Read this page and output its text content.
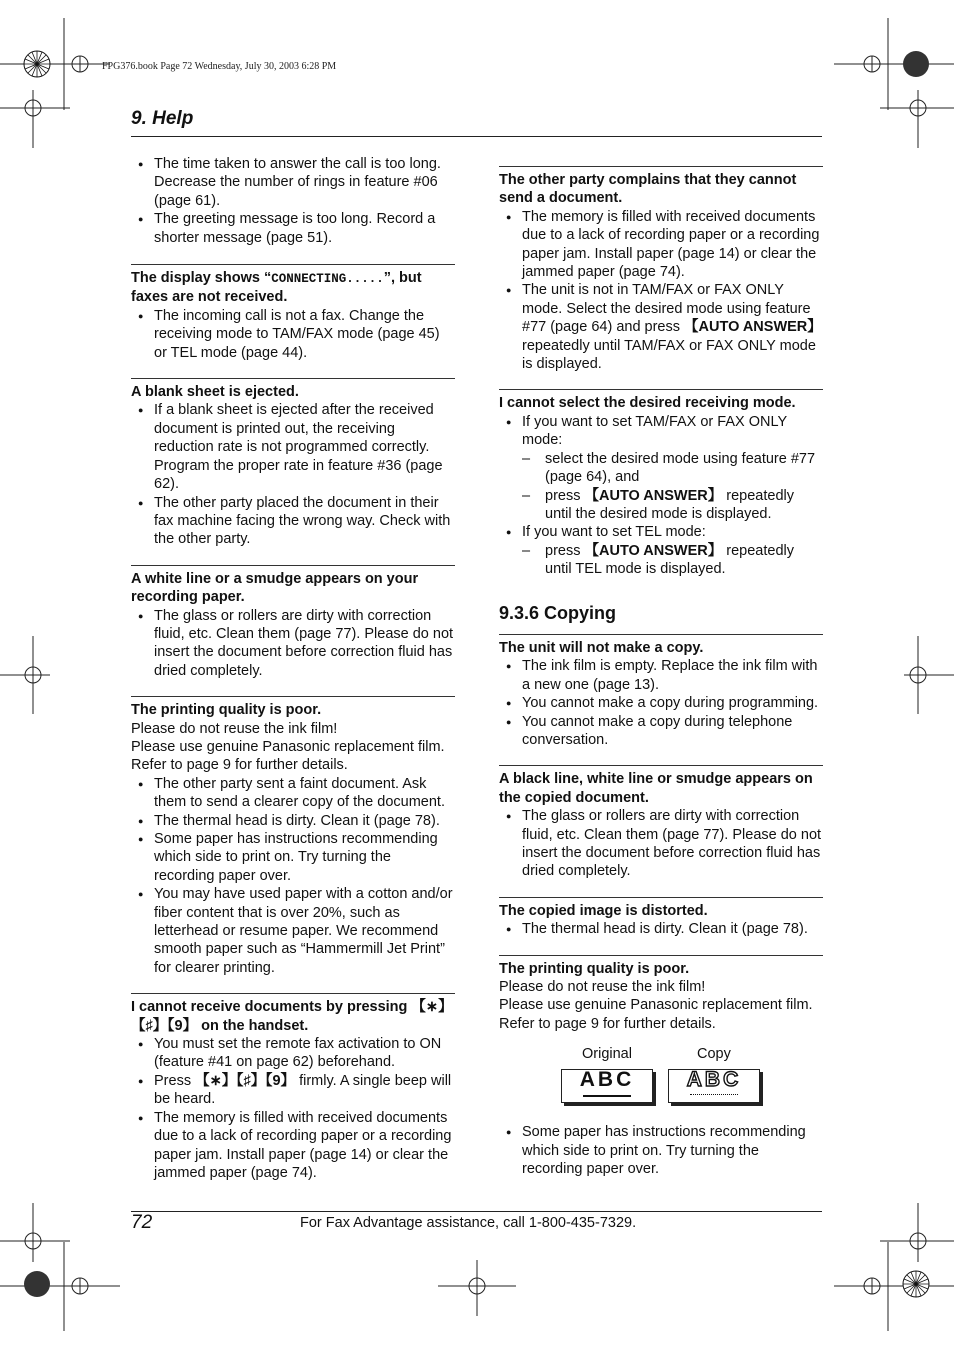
FPG376.book Page 72 Wednesday, July 30, 2003 6:28 PM
9. Help
● The time taken to answer the call is too long. Decrease the number of rings in feature #06 (page 61).
● The greeting message is too long. Record a shorter message (page 51).
The display shows “CONNECTING.....”, but faxes are not received.
● The incoming call is not a fax. Change the receiving mode to TAM/FAX mode (page 45) or TEL mode (page 44).
A blank sheet is ejected.
● If a blank sheet is ejected after the received document is printed out, the receiving reduction rate is not programmed correctly. Program the proper rate in feature #36 (page 62).
● The other party placed the document in their fax machine facing the wrong way. Check with the other party.
A white line or a smudge appears on your recording paper.
● The glass or rollers are dirty with correction fluid, etc. Clean them (page 77). Please do not insert the document before correction fluid has dried completely.
The printing quality is poor.

Please do not reuse the ink film!

Please use genuine Panasonic replacement film. Refer to page 9 for further details.

● The other party sent a faint document. Ask them to send a clearer copy of the document.
● The thermal head is dirty. Clean it (page 78).
● Some paper has instructions recommending which side to print on. Try turning the recording paper over.
● You may have used paper with a cotton and/or fiber content that is over 20%, such as letterhead or resume paper. We recommend smooth paper such as “Hammermill Jet Print” for clearer printing.
I cannot receive documents by pressing 【∗】【♯】【9】 on the handset.
● You must set the remote fax activation to ON (feature #41 on page 62) beforehand.
● Press 【∗】【♯】【9】 firmly. A single beep will be heard.
● The memory is filled with received documents due to a lack of recording paper or a recording paper jam. Install paper (page 14) or clear the jammed paper (page 74).
The other party complains that they cannot send a document.
● The memory is filled with received documents due to a lack of recording paper or a recording paper jam. Install paper (page 14) or clear the jammed paper (page 74).
● The unit is not in TAM/FAX or FAX ONLY mode. Select the desired mode using feature #77 (page 64) and press 【AUTO ANSWER】 repeatedly until TAM/FAX or FAX ONLY mode is displayed.
I cannot select the desired receiving mode.
● If you want to set TAM/FAX or FAX ONLY mode:
– select the desired mode using feature #77 (page 64), and
– press 【AUTO ANSWER】 repeatedly until the desired mode is displayed.
● If you want to set TEL mode:
– press 【AUTO ANSWER】 repeatedly until TEL mode is displayed.
9.3.6 Copying
The unit will not make a copy.
● The ink film is empty. Replace the ink film with a new one (page 13).
● You cannot make a copy during programming.
● You cannot make a copy during telephone conversation.
A black line, white line or smudge appears on the copied document.
● The glass or rollers are dirty with correction fluid, etc. Clean them (page 77). Please do not insert the document before correction fluid has dried completely.
The copied image is distorted.
● The thermal head is dirty. Clean it (page 78).
The printing quality is poor.

Please do not reuse the ink film!

Please use genuine Panasonic replacement film. Refer to page 9 for further details.

Original	Copy
ABC	ABC
● Some paper has instructions recommending which side to print on. Try turning the recording paper over.
72	For Fax Advantage assistance, call 1-800-435-7329.
